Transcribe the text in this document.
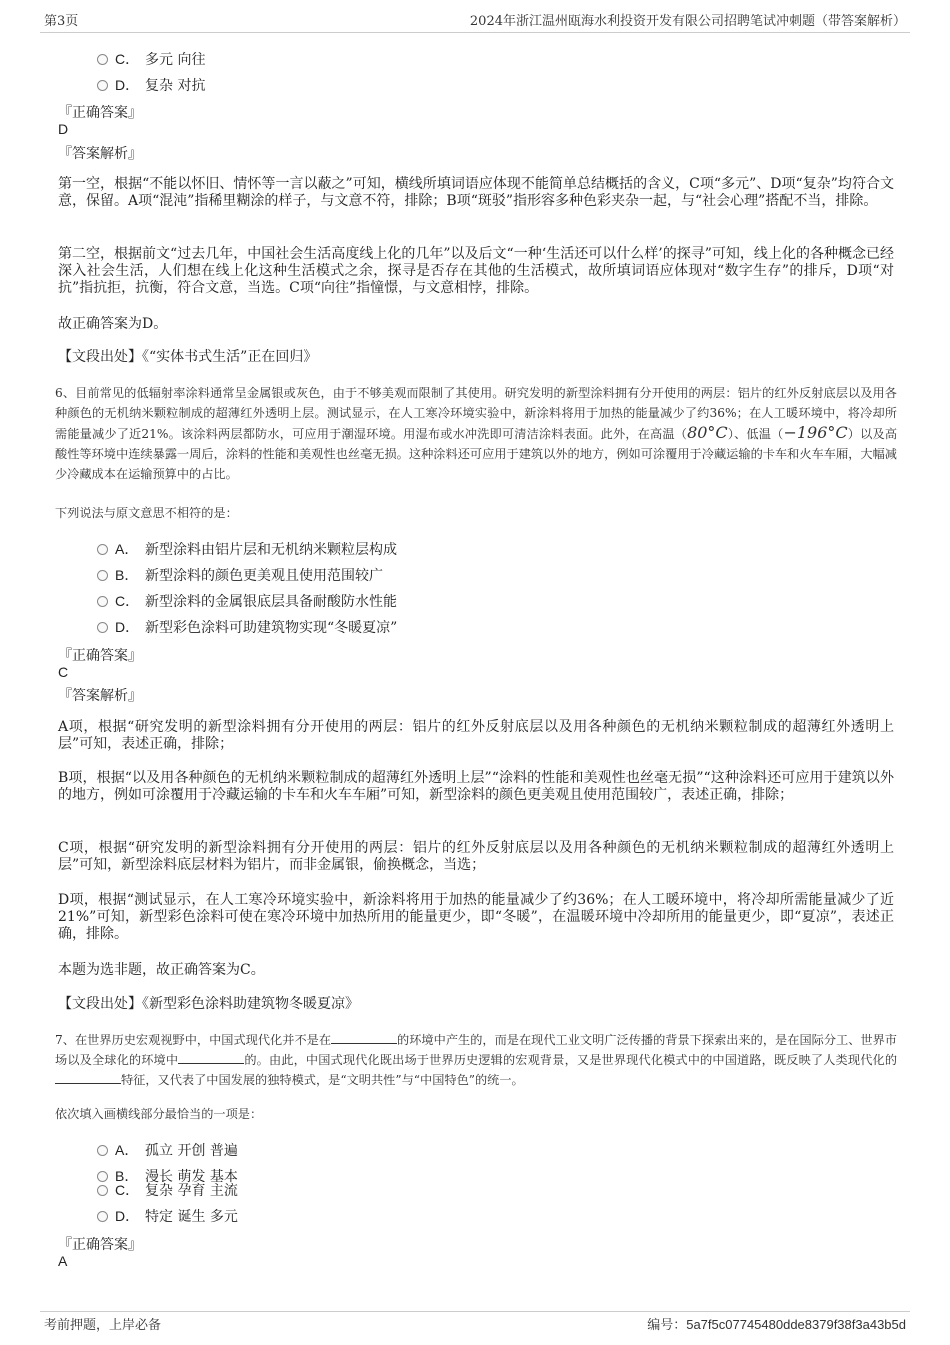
第3页	2024年浙江温州瓯海水利投资开发有限公司招聘笔试冲刺题（带答案解析）
C． 多元 向往
D． 复杂 对抗
『正确答案』
D
『答案解析』
第一空，根据“不能以怀旧、情怀等一言以蔽之”可知，横线所填词语应体现不能简单总结概括的含义，C项“多元”、D项“复杂”均符合文意，保留。A项“混沌”指稀里糊涂的样子，与文意不符，排除；B项“斑驳”指形容多种色彩夹杂一起，与“社会心理”搭配不当，排除。
第二空，根据前文“过去几年，中国社会生活高度线上化的几年”以及后文“一种‘生活还可以什么样’的探寻”可知，线上化的各种概念已经深入社会生活，人们想在线上化这种生活模式之余，探寻是否存在其他的生活模式，故所填词语应体现对“数字生存”的排斥，D项“对抗”指抗拒，抗衡，符合文意，当选。C项“向往”指憧憬，与文意相悖，排除。
故正确答案为D。
【文段出处】《“实体书式生活”正在回归》
6、目前常见的低辐射率涂料通常呈金属银或灰色，由于不够美观而限制了其使用。研究发明的新型涂料拥有分开使用的两层：铝片的红外反射底层以及用各种颜色的无机纳米颗粒制成的超薄红外透明上层。测试显示，在人工寒冷环境实验中，新涂料将用于加热的能量减少了约36%；在人工暖环境中，将冷却所需能量减少了近21%。该涂料两层都防水，可应用于潮湿环境。用湿布或水冲洗即可清洁涂料表面。此外，在高温（80°C）、低温（−196°C）以及高酸性等环境中连续暴露一周后，涂料的性能和美观性也丝毫无损。这种涂料还可应用于建筑以外的地方，例如可涂覆用于冷藏运输的卡车和火车车厢，大幅减少冷藏成本在运输预算中的占比。
下列说法与原文意思不相符的是：
A． 新型涂料由铝片层和无机纳米颗粒层构成
B． 新型涂料的颜色更美观且使用范围较广
C． 新型涂料的金属银底层具备耐酸防水性能
D． 新型彩色涂料可助建筑物实现“冬暖夏凉”
『正确答案』
C
『答案解析』
A项，根据“研究发明的新型涂料拥有分开使用的两层：铝片的红外反射底层以及用各种颜色的无机纳米颗粒制成的超薄红外透明上层”可知，表述正确，排除；
B项，根据“以及用各种颜色的无机纳米颗粒制成的超薄红外透明上层”“涂料的性能和美观性也丝毫无损”“这种涂料还可应用于建筑以外的地方，例如可涂覆用于冷藏运输的卡车和火车车厢”可知，新型涂料的颜色更美观且使用范围较广，表述正确，排除；
C项，根据“研究发明的新型涂料拥有分开使用的两层：铝片的红外反射底层以及用各种颜色的无机纳米颗粒制成的超薄红外透明上层”可知，新型涂料底层材料为铝片，而非金属银，偷换概念，当选；
D项，根据“测试显示，在人工寒冷环境实验中，新涂料将用于加热的能量减少了约36%；在人工暖环境中，将冷却所需能量减少了近21%”可知，新型彩色涂料可使在寒冷环境中加热所用的能量更少，即“冬暖”，在温暖环境中冷却所用的能量更少，即“夏凉”，表述正确，排除。
本题为选非题，故正确答案为C。
【文段出处】《新型彩色涂料助建筑物冬暖夏凉》
7、在世界历史宏观视野中，中国式现代化并不是在	的环境中产生的，而是在现代工业文明广泛传播的背景下探索出来的，是在国际分工、世界市场以及全球化的环境中	的。由此，中国式现代化既出场于世界历史逻辑的宏观背景，又是世界现代化模式中的中国道路，既反映了人类现代化的特征，又代表了中国发展的独特模式，是“文明共性”与“中国特色”的统一。
依次填入画横线部分最恰当的一项是：
A． 孤立 开创 普遍
B． 漫长 萌发 基本
C． 复杂 孕育 主流
D． 特定 诞生 多元
『正确答案』
A
考前押题，上岸必备	编号：5a7f5c07745480dde8379f38f3a43b5d
